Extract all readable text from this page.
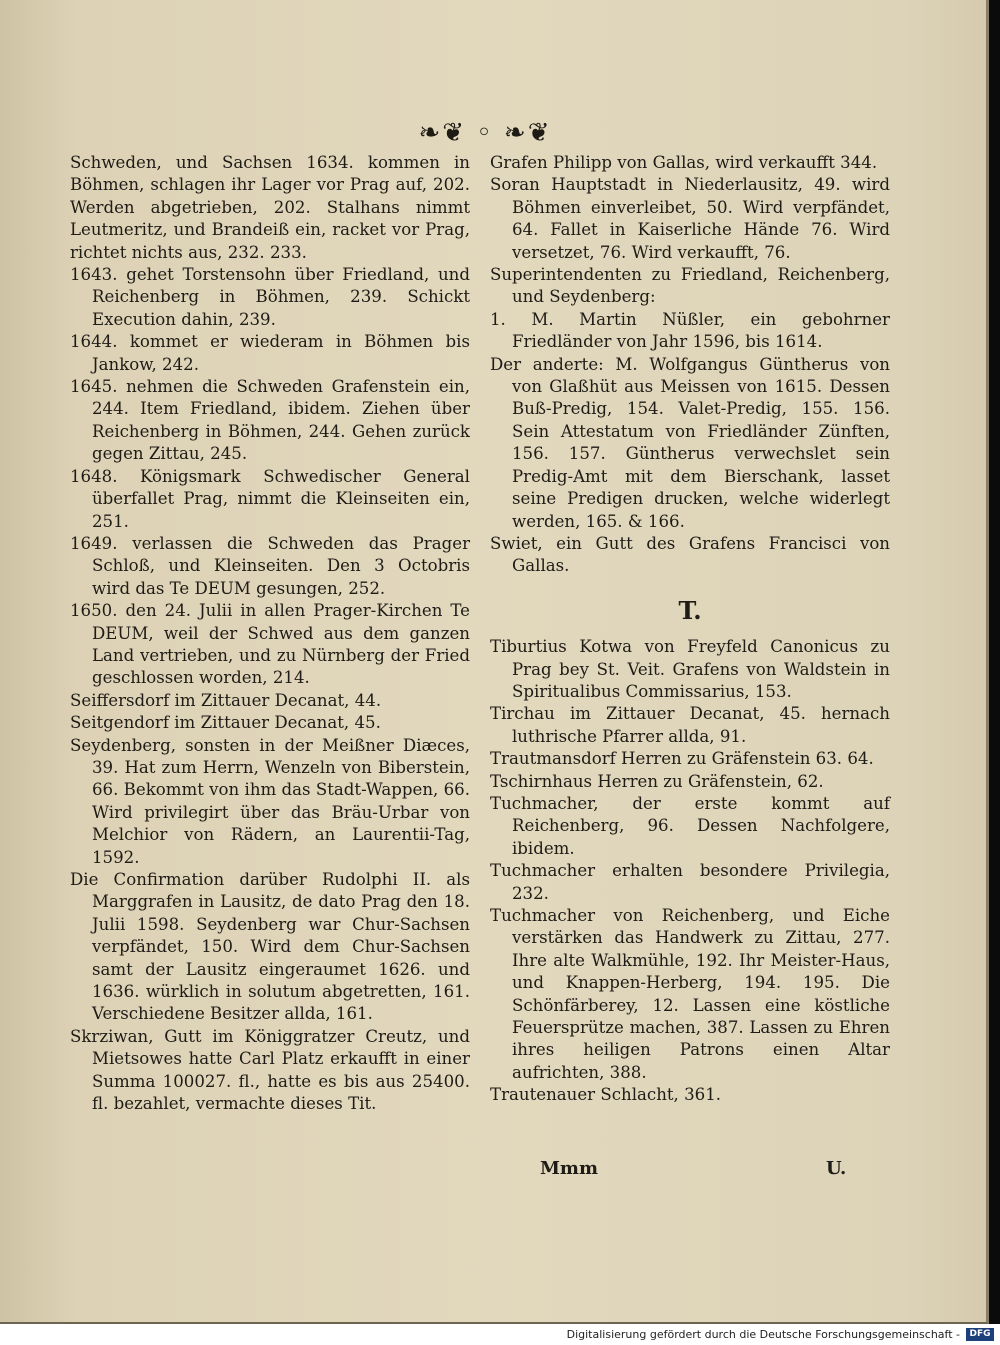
❧⁠❦ ◦ ❧❦

Schweden, und Sachsen 1634. kommen in Böhmen, schlagen ihr Lager vor Prag auf, 202. Werden abgetrieben, 202. Stalhans nimmt Leutmeritz, und Brandeiß ein, racket vor Prag, richtet nichts aus, 232. 233.

1643. gehet Torstensohn über Friedland, und Reichenberg in Böhmen, 239. Schickt Execution dahin, 239.

1644. kommet er wiederam in Böhmen bis Jankow, 242.

1645. nehmen die Schweden Grafenstein ein, 244. Item Friedland, ibidem. Ziehen über Reichenberg in Böhmen, 244. Gehen zurück gegen Zittau, 245.

1648. Königsmark Schwedischer General überfallet Prag, nimmt die Kleinseiten ein, 251.

1649. verlassen die Schweden das Prager Schloß, und Kleinseiten. Den 3 Octobris wird das Te DEUM gesungen, 252.

1650. den 24. Julii in allen Prager-Kirchen Te DEUM, weil der Schwed aus dem ganzen Land vertrieben, und zu Nürnberg der Fried geschlossen worden, 214.

Seiffersdorf im Zittauer Decanat, 44.

Seitgendorf im Zittauer Decanat, 45.

Seydenberg, sonsten in der Meißner Diæces, 39. Hat zum Herrn, Wenzeln von Biberstein, 66. Bekommt von ihm das Stadt-Wappen, 66. Wird privilegirt über das Bräu-Urbar von Melchior von Rädern, an Laurentii-Tag, 1592.

Die Confirmation darüber Rudolphi II. als Marggrafen in Lausitz, de dato Prag den 18. Julii 1598. Seydenberg war Chur-Sachsen verpfändet, 150. Wird dem Chur-Sachsen samt der Lausitz eingeraumet 1626. und 1636. würklich in solutum abgetretten, 161. Verschiedene Besitzer allda, 161.

Skrziwan, Gutt im Königgratzer Creutz, und Mietsowes hatte Carl Platz erkaufft in einer Summa 100027. fl., hatte es bis aus 25400. fl. bezahlet, vermachte dieses Tit.

Grafen Philipp von Gallas, wird verkaufft 344.

Soran Hauptstadt in Niederlausitz, 49. wird Böhmen einverleibet, 50. Wird verpfändet, 64. Fallet in Kaiserliche Hände 76. Wird versetzet, 76. Wird verkaufft, 76.

Superintendenten zu Friedland, Reichenberg, und Seydenberg:

1. M. Martin Nüßler, ein gebohrner Friedländer von Jahr 1596, bis 1614.

Der anderte: M. Wolfgangus Güntherus von von Glaßhüt aus Meissen von 1615. Dessen Buß-Predig, 154. Valet-Predig, 155. 156. Sein Attestatum von Friedländer Zünften, 156. 157. Güntherus verwechslet sein Predig-Amt mit dem Bierschank, lasset seine Predigen drucken, welche widerlegt werden, 165. & 166.

Swiet, ein Gutt des Grafens Francisci von Gallas.

T.

Tiburtius Kotwa von Freyfeld Canonicus zu Prag bey St. Veit. Grafens von Waldstein in Spiritualibus Commissarius, 153.

Tirchau im Zittauer Decanat, 45. hernach luthrische Pfarrer allda, 91.

Trautmansdorf Herren zu Gräfenstein 63. 64.

Tschirnhaus Herren zu Gräfenstein, 62.

Tuchmacher, der erste kommt auf Reichenberg, 96. Dessen Nachfolgere, ibidem.

Tuchmacher erhalten besondere Privilegia, 232.

Tuchmacher von Reichenberg, und Eiche verstärken das Handwerk zu Zittau, 277. Ihre alte Walkmühle, 192. Ihr Meister-Haus, und Knappen-Herberg, 194. 195. Die Schönfärberey, 12. Lassen eine köstliche Feuersprütze machen, 387. Lassen zu Ehren ihres heiligen Patrons einen Altar aufrichten, 388.

Trautenauer Schlacht, 361.

Mmm	U.
Digitalisierung gefördert durch die Deutsche Forschungsgemeinschaft -	DFG
